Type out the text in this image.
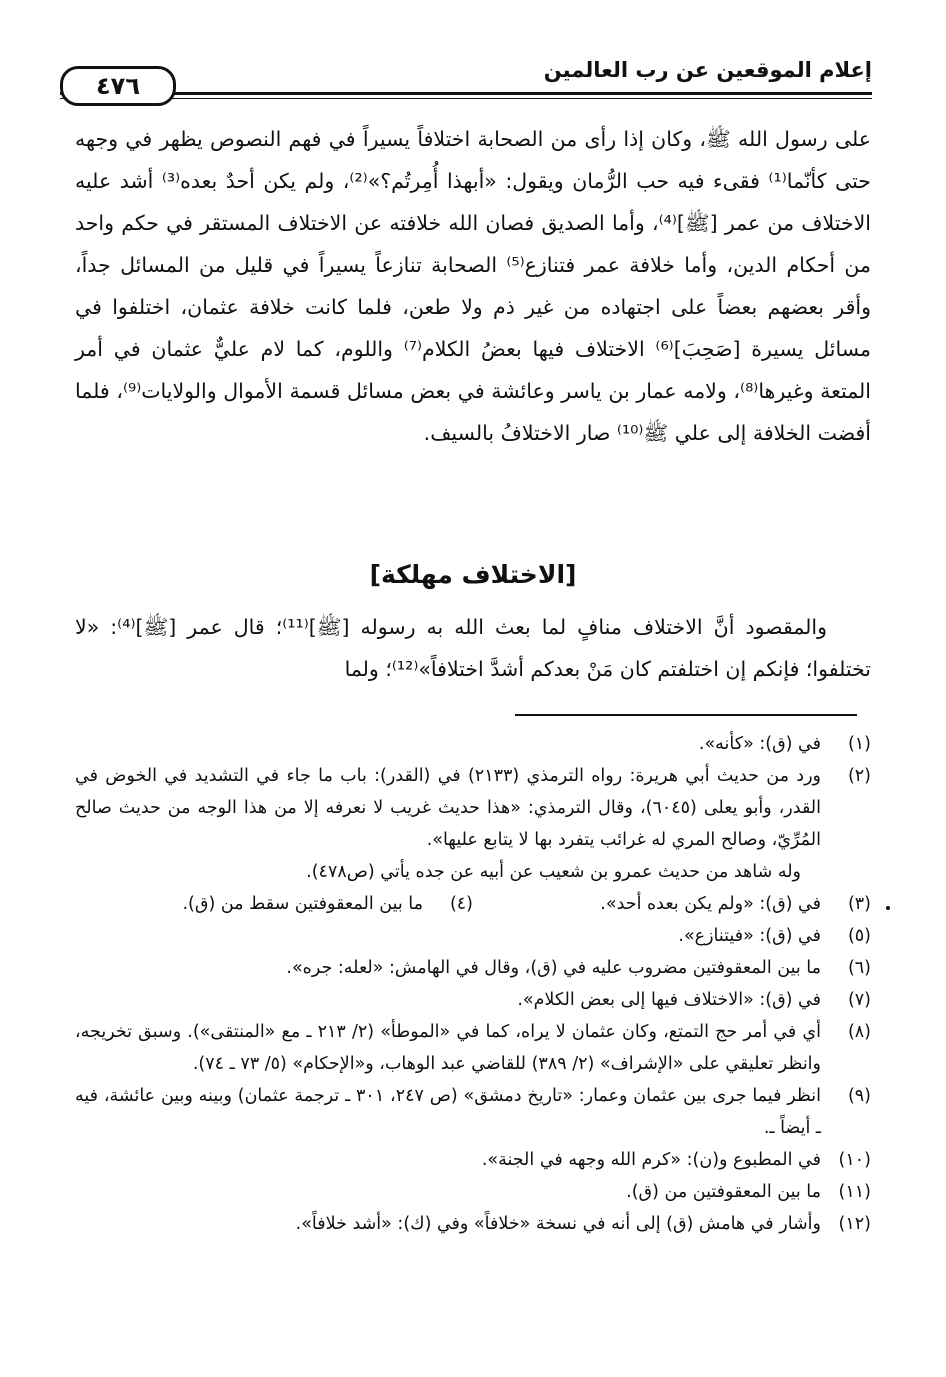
إعلام الموقعين عن رب العالمين
٤٧٦

على رسول الله ﷺ، وكان إذا رأى من الصحابة اختلافاً يسيراً في فهم النصوص يظهر في وجهه حتى كأنّما⁽¹⁾ فقىء فيه حب الرُّمان ويقول: «أبهذا أُمِرتُم؟»⁽²⁾، ولم يكن أحدٌ بعده⁽³⁾ أشد عليه الاختلاف من عمر [ﷺ]⁽⁴⁾، وأما الصديق فصان الله خلافته عن الاختلاف المستقر في حكم واحد من أحكام الدين، وأما خلافة عمر فتنازع⁽⁵⁾ الصحابة تنازعاً يسيراً في قليل من المسائل جداً، وأقر بعضهم بعضاً على اجتهاده من غير ذم ولا طعن، فلما كانت خلافة عثمان، اختلفوا في مسائل يسيرة [صَحِبَ]⁽⁶⁾ الاختلاف فيها بعضُ الكلام⁽⁷⁾ واللوم، كما لام عليٌّ عثمان في أمر المتعة وغيرها⁽⁸⁾، ولامه عمار بن ياسر وعائشة في بعض مسائل قسمة الأموال والولايات⁽⁹⁾، فلما أفضت الخلافة إلى علي ﷺ⁽¹⁰⁾ صار الاختلافُ بالسيف.

[الاختلاف مهلكة]

والمقصود أنَّ الاختلاف منافٍ لما بعث الله به رسوله [ﷺ]⁽¹¹⁾؛ قال عمر [ﷺ]⁽⁴⁾: «لا تختلفوا؛ فإنكم إن اختلفتم كان مَنْ بعدكم أشدَّ اختلافاً»⁽¹²⁾؛ ولما

(١)
في (ق): «كأنه».
(٢)
ورد من حديث أبي هريرة: رواه الترمذي (٢١٣٣) في (القدر): باب ما جاء في التشديد في الخوض في القدر، وأبو يعلى (٦٠٤٥)، وقال الترمذي: «هذا حديث غريب لا نعرفه إلا من هذا الوجه من حديث صالح المُرِّيّ، وصالح المري له غرائب يتفرد بها لا يتابع عليها».
وله شاهد من حديث عمرو بن شعيب عن أبيه عن جده يأتي (ص٤٧٨).
(٣)
في (ق): «ولم يكن بعده أحد».
(٤)
ما بين المعقوفتين سقط من (ق).
(٥)
في (ق): «فيتنازع».
(٦)
ما بين المعقوفتين مضروب عليه في (ق)، وقال في الهامش: «لعله: جره».
(٧)
في (ق): «الاختلاف فيها إلى بعض الكلام».
(٨)
أي في أمر حج التمتع، وكان عثمان لا يراه، كما في «الموطأ» (٢/ ٢١٣ ـ مع «المنتقى»). وسبق تخريجه، وانظر تعليقي على «الإشراف» (٢/ ٣٨٩) للقاضي عبد الوهاب، و«الإحكام» (٥/ ٧٣ ـ ٧٤).
(٩)
انظر فيما جرى بين عثمان وعمار: «تاريخ دمشق» (ص ٢٤٧، ٣٠١ ـ ترجمة عثمان) وبينه وبين عائشة، فيه ـ أيضاً ـ.
(١٠)
في المطبوع و(ن): «كرم الله وجهه في الجنة».
(١١)
ما بين المعقوفتين من (ق).
(١٢)
وأشار في هامش (ق) إلى أنه في نسخة «خلافاً» وفي (ك): «أشد خلافاً».
